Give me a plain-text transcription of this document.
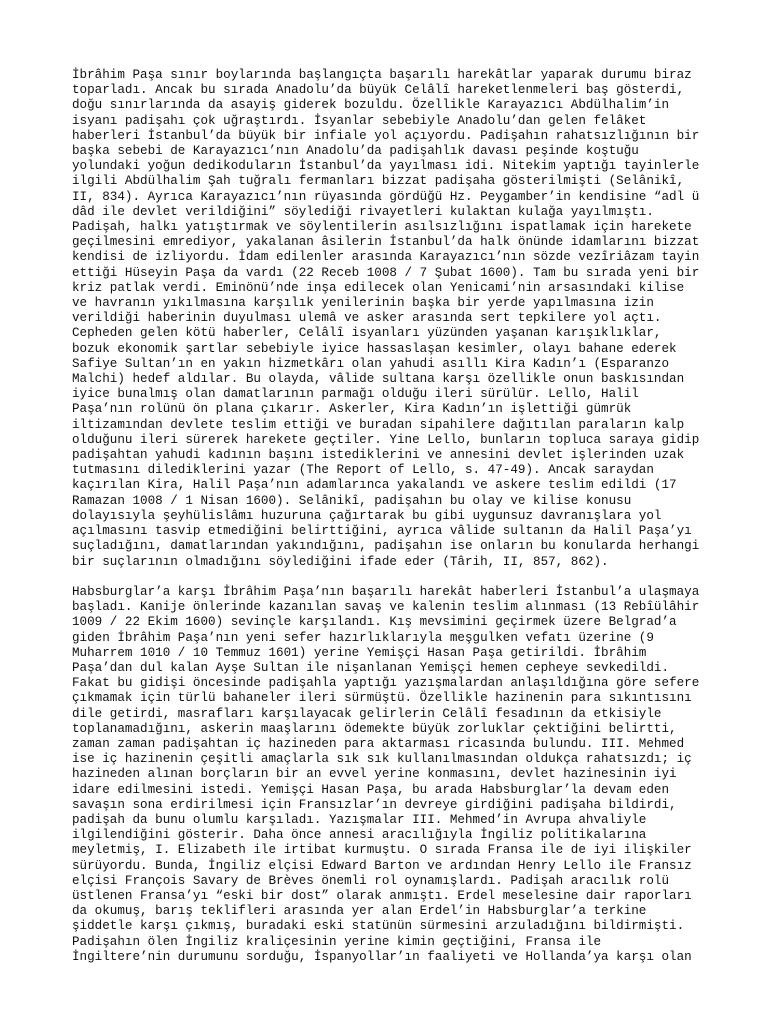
İbrâhim Paşa sınır boylarında başlangıçta başarılı harekâtlar yaparak durumu biraz
toparladı. Ancak bu sırada Anadolu’da büyük Celâlî hareketlenmeleri baş gösterdi,
doğu sınırlarında da asayiş giderek bozuldu. Özellikle Karayazıcı Abdülhalim’in
isyanı padişahı çok uğraştırdı. İsyanlar sebebiyle Anadolu’dan gelen felâket
haberleri İstanbul’da büyük bir infiale yol açıyordu. Padişahın rahatsızlığının bir
başka sebebi de Karayazıcı’nın Anadolu’da padişahlık davası peşinde koştuğu
yolundaki yoğun dedikoduların İstanbul’da yayılması idi. Nitekim yaptığı tayinlerle
ilgili Abdülhalim Şah tuğralı fermanları bizzat padişaha gösterilmişti (Selânikî,
II, 834). Ayrıca Karayazıcı’nın rüyasında gördüğü Hz. Peygamber’in kendisine “adl ü
dâd ile devlet verildiğini” söylediği rivayetleri kulaktan kulağa yayılmıştı.
Padişah, halkı yatıştırmak ve söylentilerin asılsızlığını ispatlamak için harekete
geçilmesini emrediyor, yakalanan âsilerin İstanbul’da halk önünde idamlarını bizzat
kendisi de izliyordu. İdam edilenler arasında Karayazıcı’nın sözde vezîriâzam tayin
ettiği Hüseyin Paşa da vardı (22 Receb 1008 / 7 Şubat 1600). Tam bu sırada yeni bir
kriz patlak verdi. Eminönü’nde inşa edilecek olan Yenicami’nin arsasındaki kilise
ve havranın yıkılmasına karşılık yenilerinin başka bir yerde yapılmasına izin
verildiği haberinin duyulması ulemâ ve asker arasında sert tepkilere yol açtı.
Cepheden gelen kötü haberler, Celâlî isyanları yüzünden yaşanan karışıklıklar,
bozuk ekonomik şartlar sebebiyle iyice hassaslaşan kesimler, olayı bahane ederek
Safiye Sultan’ın en yakın hizmetkârı olan yahudi asıllı Kira Kadın’ı (Esparanzo
Malchi) hedef aldılar. Bu olayda, vâlide sultana karşı özellikle onun baskısından
iyice bunalmış olan damatlarının parmağı olduğu ileri sürülür. Lello, Halil
Paşa’nın rolünü ön plana çıkarır. Askerler, Kira Kadın’ın işlettiği gümrük
iltizamından devlete teslim ettiği ve buradan sipahilere dağıtılan paraların kalp
olduğunu ileri sürerek harekete geçtiler. Yine Lello, bunların topluca saraya gidip
padişahtan yahudi kadının başını istediklerini ve annesini devlet işlerinden uzak
tutmasını dilediklerini yazar (The Report of Lello, s. 47-49). Ancak saraydan
kaçırılan Kira, Halil Paşa’nın adamlarınca yakalandı ve askere teslim edildi (17
Ramazan 1008 / 1 Nisan 1600). Selânikî, padişahın bu olay ve kilise konusu
dolayısıyla şeyhülislâmı huzuruna çağırtarak bu gibi uygunsuz davranışlara yol
açılmasını tasvip etmediğini belirttiğini, ayrıca vâlide sultanın da Halil Paşa’yı
suçladığını, damatlarından yakındığını, padişahın ise onların bu konularda herhangi
bir suçlarının olmadığını söylediğini ifade eder (Târih, II, 857, 862).
Habsburglar’a karşı İbrâhim Paşa’nın başarılı harekât haberleri İstanbul’a ulaşmaya
başladı. Kanije önlerinde kazanılan savaş ve kalenin teslim alınması (13 Rebîülâhir
1009 / 22 Ekim 1600) sevinçle karşılandı. Kış mevsimini geçirmek üzere Belgrad’a
giden İbrâhim Paşa’nın yeni sefer hazırlıklarıyla meşgulken vefatı üzerine (9
Muharrem 1010 / 10 Temmuz 1601) yerine Yemişçi Hasan Paşa getirildi. İbrâhim
Paşa’dan dul kalan Ayşe Sultan ile nişanlanan Yemişçi hemen cepheye sevkedildi.
Fakat bu gidişi öncesinde padişahla yaptığı yazışmalardan anlaşıldığına göre sefere
çıkmamak için türlü bahaneler ileri sürmüştü. Özellikle hazinenin para sıkıntısını
dile getirdi, masrafları karşılayacak gelirlerin Celâlî fesadının da etkisiyle
toplanamadığını, askerin maaşlarını ödemekte büyük zorluklar çektiğini belirtti,
zaman zaman padişahtan iç hazineden para aktarması ricasında bulundu. III. Mehmed
ise iç hazinenin çeşitli amaçlarla sık sık kullanılmasından oldukça rahatsızdı; iç
hazineden alınan borçların bir an evvel yerine konmasını, devlet hazinesinin iyi
idare edilmesini istedi. Yemişçi Hasan Paşa, bu arada Habsburglar’la devam eden
savaşın sona erdirilmesi için Fransızlar’ın devreye girdiğini padişaha bildirdi,
padişah da bunu olumlu karşıladı. Yazışmalar III. Mehmed’in Avrupa ahvaliyle
ilgilendiğini gösterir. Daha önce annesi aracılığıyla İngiliz politikalarına
meyletmiş, I. Elizabeth ile irtibat kurmuştu. O sırada Fransa ile de iyi ilişkiler
sürüyordu. Bunda, İngiliz elçisi Edward Barton ve ardından Henry Lello ile Fransız
elçisi François Savary de Brèves önemli rol oynamışlardı. Padişah aracılık rolü
üstlenen Fransa’yı “eski bir dost” olarak anmıştı. Erdel meselesine dair raporları
da okumuş, barış teklifleri arasında yer alan Erdel’in Habsburglar’a terkine
şiddetle karşı çıkmış, buradaki eski statünün sürmesini arzuladığını bildirmişti.
Padişahın ölen İngiliz kraliçesinin yerine kimin geçtiğini, Fransa ile
İngiltere’nin durumunu sorduğu, İspanyollar’ın faaliyeti ve Hollanda’ya karşı olan
